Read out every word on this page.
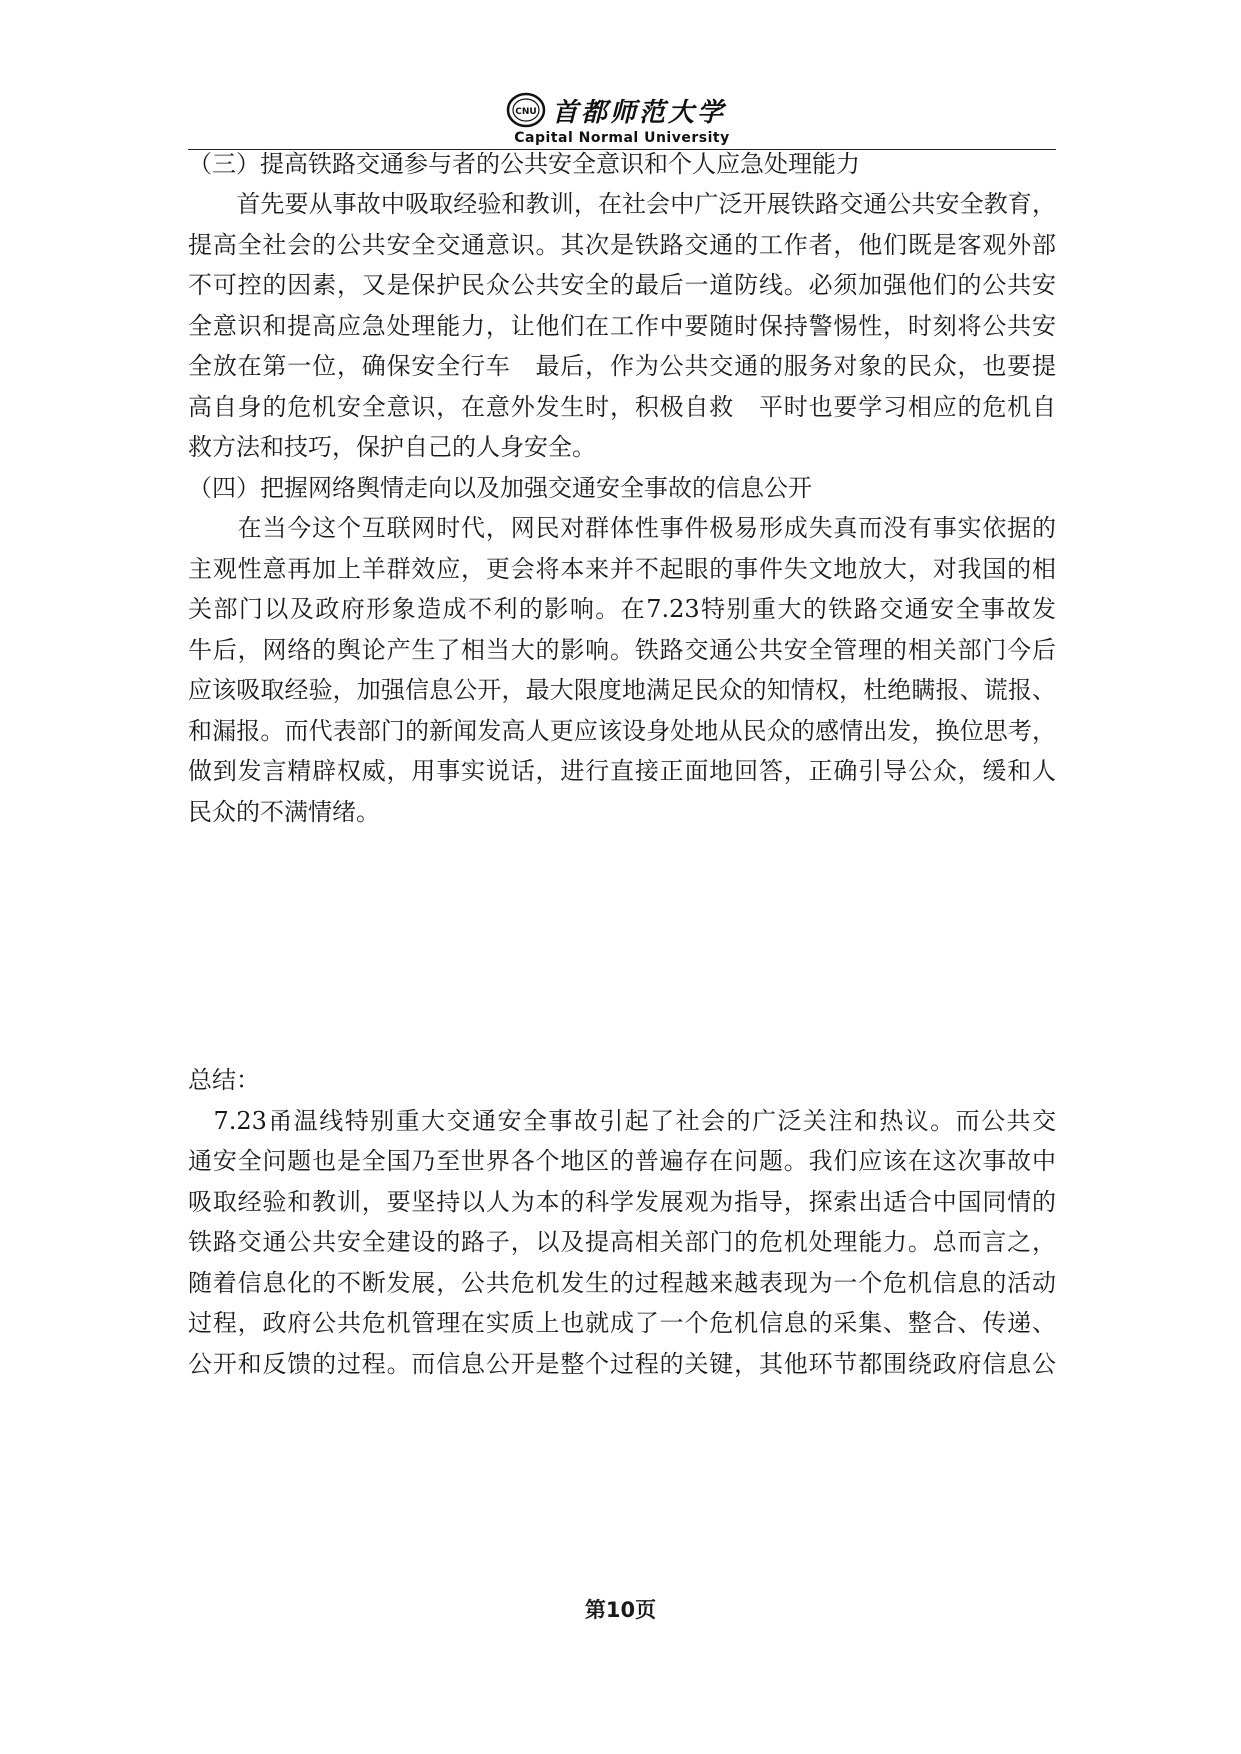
CNU 首都师范大学
Capital Normal University
（三）提高铁路交通参与者的公共安全意识和个人应急处理能力
　　首先要从事故中吸取经验和教训，在社会中广泛开展铁路交通公共安全教育，
提高全社会的公共安全交通意识。其次是铁路交通的工作者，他们既是客观外部
不可控的因素，又是保护民众公共安全的最后一道防线。必须加强他们的公共安
全意识和提高应急处理能力，让他们在工作中要随时保持警惕性，时刻将公共安
全放在第一位，确保安全行车　最后，作为公共交通的服务对象的民众，也要提
高自身的危机安全意识，在意外发生时，积极自救　平时也要学习相应的危机自
救方法和技巧，保护自己的人身安全。
（四）把握网络舆情走向以及加强交通安全事故的信息公开
　　在当今这个互联网时代，网民对群体性事件极易形成失真而没有事实依据的
主观性意再加上羊群效应，更会将本来并不起眼的事件失文地放大，对我国的相
关部门以及政府形象造成不利的影响。在7.23特别重大的铁路交通安全事故发
牛后，网络的舆论产生了相当大的影响。铁路交通公共安全管理的相关部门今后
应该吸取经验，加强信息公开，最大限度地满足民众的知情权，杜绝瞒报、谎报、
和漏报。而代表部门的新闻发高人更应该设身处地从民众的感情出发，换位思考，
做到发言精辟权威，用事实说话，进行直接正面地回答，正确引导公众，缓和人
民众的不满情绪。
总结：
　7.23甬温线特别重大交通安全事故引起了社会的广泛关注和热议。而公共交
通安全问题也是全国乃至世界各个地区的普遍存在问题。我们应该在这次事故中
吸取经验和教训，要坚持以人为本的科学发展观为指导，探索出适合中国同情的
铁路交通公共安全建设的路子，以及提高相关部门的危机处理能力。总而言之，
随着信息化的不断发展，公共危机发生的过程越来越表现为一个危机信息的活动
过程，政府公共危机管理在实质上也就成了一个危机信息的采集、整合、传递、
公开和反馈的过程。而信息公开是整个过程的关键，其他环节都围绕政府信息公
第10页
